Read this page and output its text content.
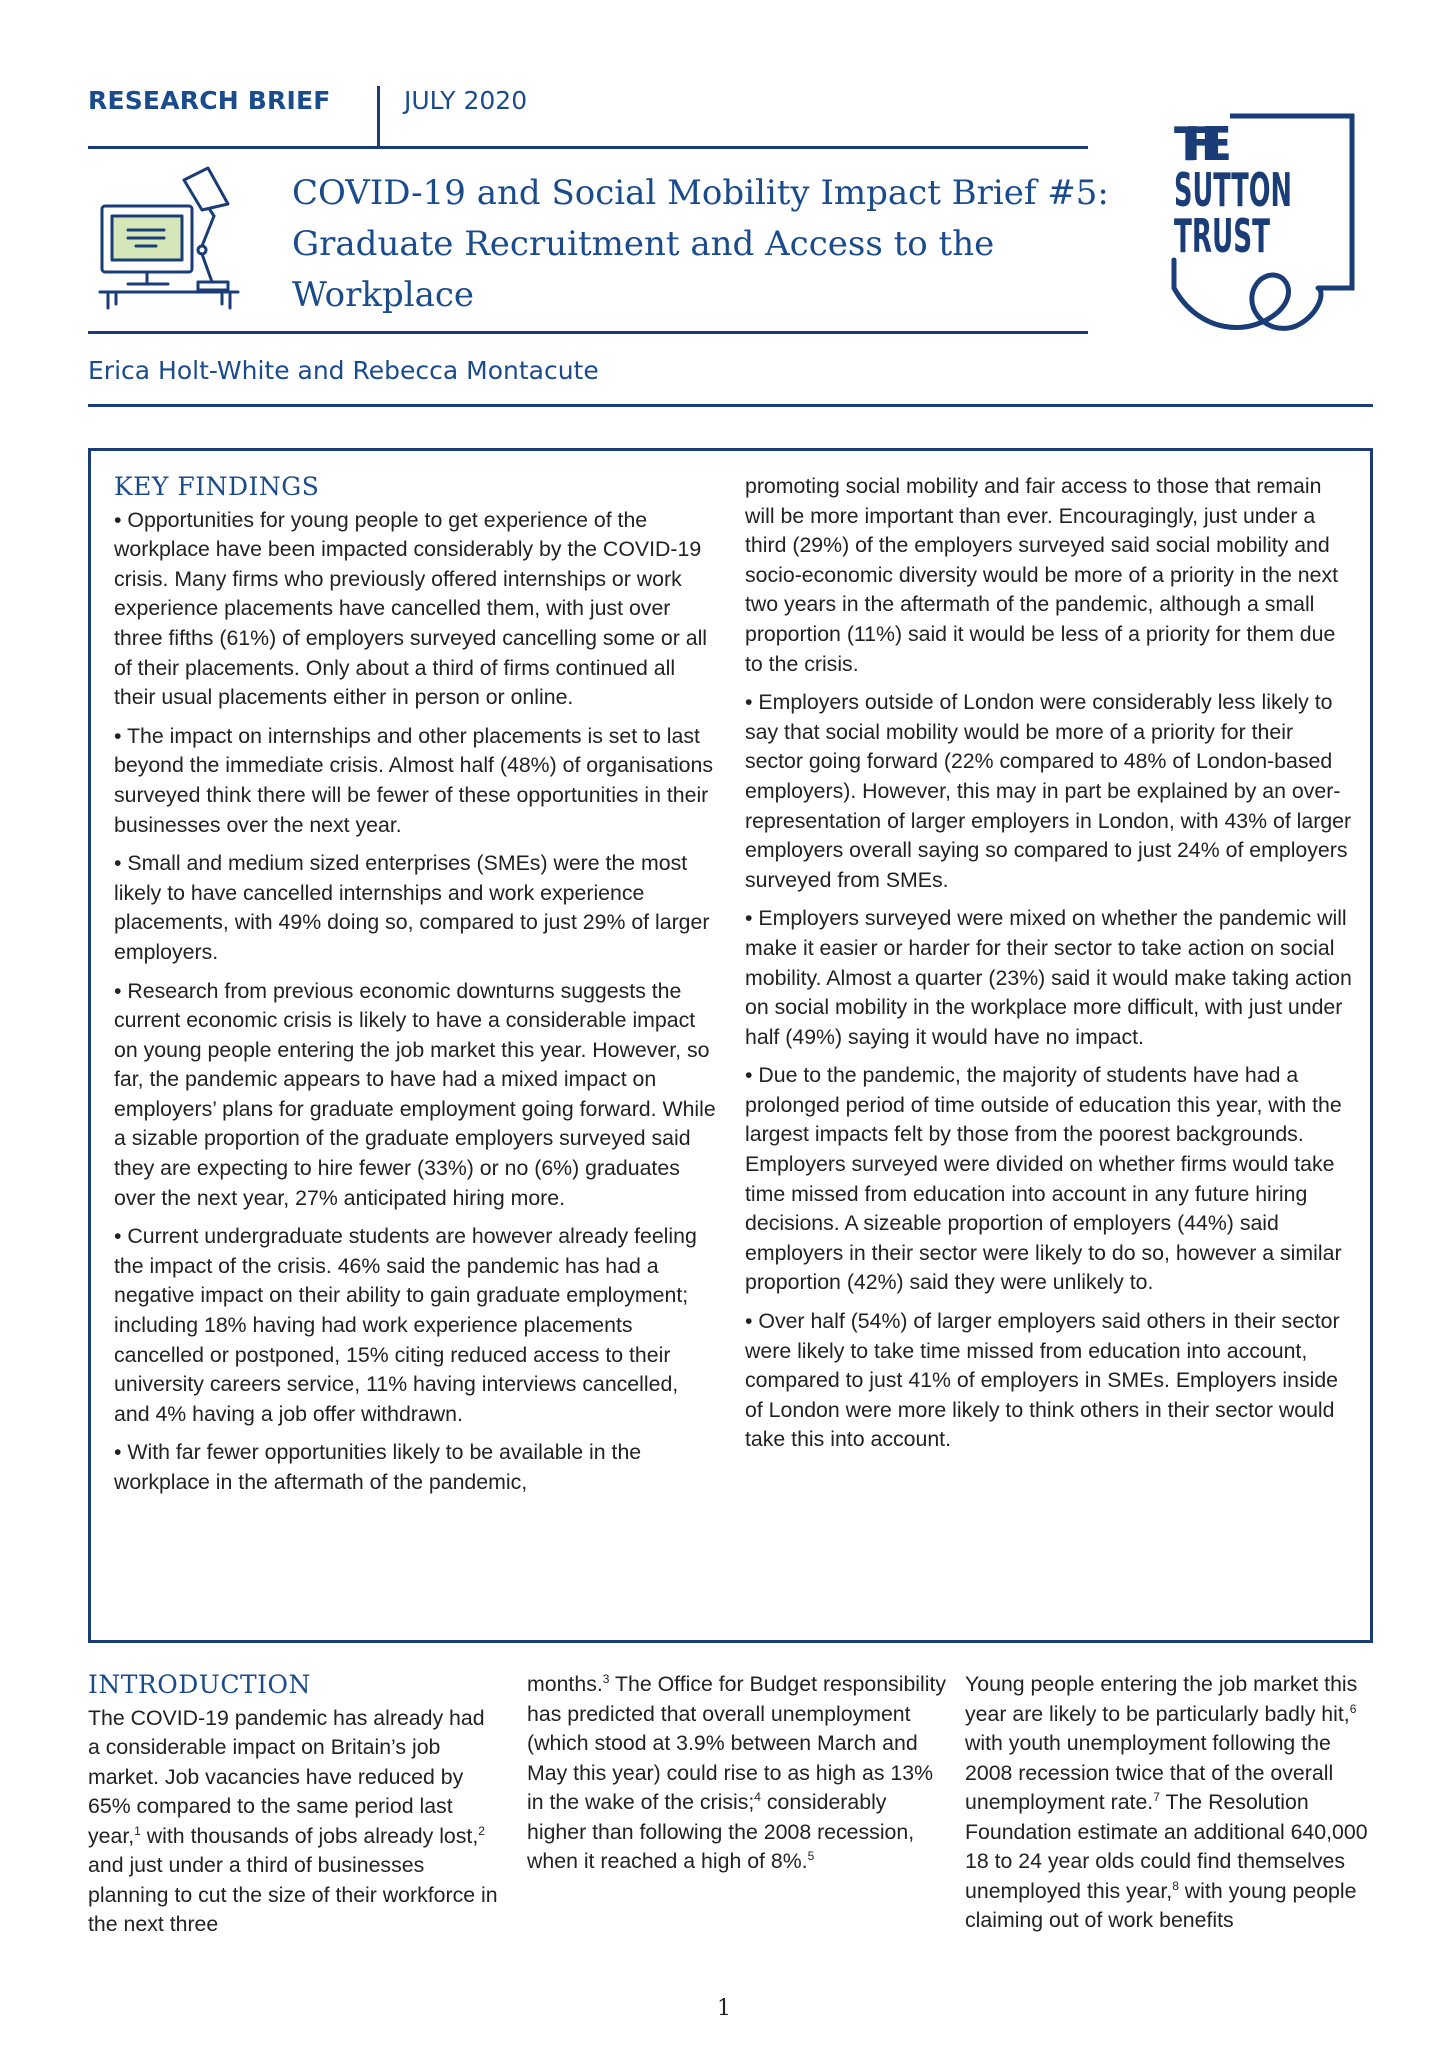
RESEARCH BRIEF	JULY 2020
COVID-19 and Social Mobility Impact Brief #5:
Graduate Recruitment and Access to the
Workplace
THE
SUTTON
TRUST
Erica Holt-White and Rebecca Montacute
KEY FINDINGS

• Opportunities for young people to get experience of the workplace have been impacted considerably by the COVID-19 crisis. Many firms who previously offered internships or work experience placements have cancelled them, with just over three fifths (61%) of employers surveyed cancelling some or all of their placements. Only about a third of firms continued all their usual placements either in person or online.

• The impact on internships and other placements is set to last beyond the immediate crisis. Almost half (48%) of organisations surveyed think there will be fewer of these opportunities in their businesses over the next year.

• Small and medium sized enterprises (SMEs) were the most likely to have cancelled internships and work experience placements, with 49% doing so, compared to just 29% of larger employers.

• Research from previous economic downturns suggests the current economic crisis is likely to have a considerable impact on young people entering the job market this year. However, so far, the pandemic appears to have had a mixed impact on employers’ plans for graduate employment going forward. While a sizable proportion of the graduate employers surveyed said they are expecting to hire fewer (33%) or no (6%) graduates over the next year, 27% anticipated hiring more.

• Current undergraduate students are however already feeling the impact of the crisis. 46% said the pandemic has had a negative impact on their ability to gain graduate employment; including 18% having had work experience placements cancelled or postponed, 15% citing reduced access to their university careers service, 11% having interviews cancelled, and 4% having a job offer withdrawn.

• With far fewer opportunities likely to be available in the workplace in the aftermath of the pandemic,

promoting social mobility and fair access to those that remain will be more important than ever. Encouragingly, just under a third (29%) of the employers surveyed said social mobility and socio-economic diversity would be more of a priority in the next two years in the aftermath of the pandemic, although a small proportion (11%) said it would be less of a priority for them due to the crisis.

• Employers outside of London were considerably less likely to say that social mobility would be more of a priority for their sector going forward (22% compared to 48% of London-based employers). However, this may in part be explained by an over-representation of larger employers in London, with 43% of larger employers overall saying so compared to just 24% of employers surveyed from SMEs.

• Employers surveyed were mixed on whether the pandemic will make it easier or harder for their sector to take action on social mobility. Almost a quarter (23%) said it would make taking action on social mobility in the workplace more difficult, with just under half (49%) saying it would have no impact.

• Due to the pandemic, the majority of students have had a prolonged period of time outside of education this year, with the largest impacts felt by those from the poorest backgrounds. Employers surveyed were divided on whether firms would take time missed from education into account in any future hiring decisions. A sizeable proportion of employers (44%) said employers in their sector were likely to do so, however a similar proportion (42%) said they were unlikely to.

• Over half (54%) of larger employers said others in their sector were likely to take time missed from education into account, compared to just 41% of employers in SMEs. Employers inside of London were more likely to think others in their sector would take this into account.

INTRODUCTION

The COVID-19 pandemic has already had a considerable impact on Britain’s job market. Job vacancies have reduced by 65% compared to the same period last year,$^1$ with thousands of jobs already lost,$^2$ and just under a third of businesses planning to cut the size of their workforce in the next three

months.$^3$ The Office for Budget responsibility has predicted that overall unemployment (which stood at 3.9% between March and May this year) could rise to as high as 13% in the wake of the crisis;$^4$ considerably higher than following the 2008 recession, when it reached a high of 8%.$^5$

Young people entering the job market this year are likely to be particularly badly hit,$^6$ with youth unemployment following the 2008 recession twice that of the overall unemployment rate.$^7$ The Resolution Foundation estimate an additional 640,000 18 to 24 year olds could find themselves unemployed this year,$^8$ with young people claiming out of work benefits

1
